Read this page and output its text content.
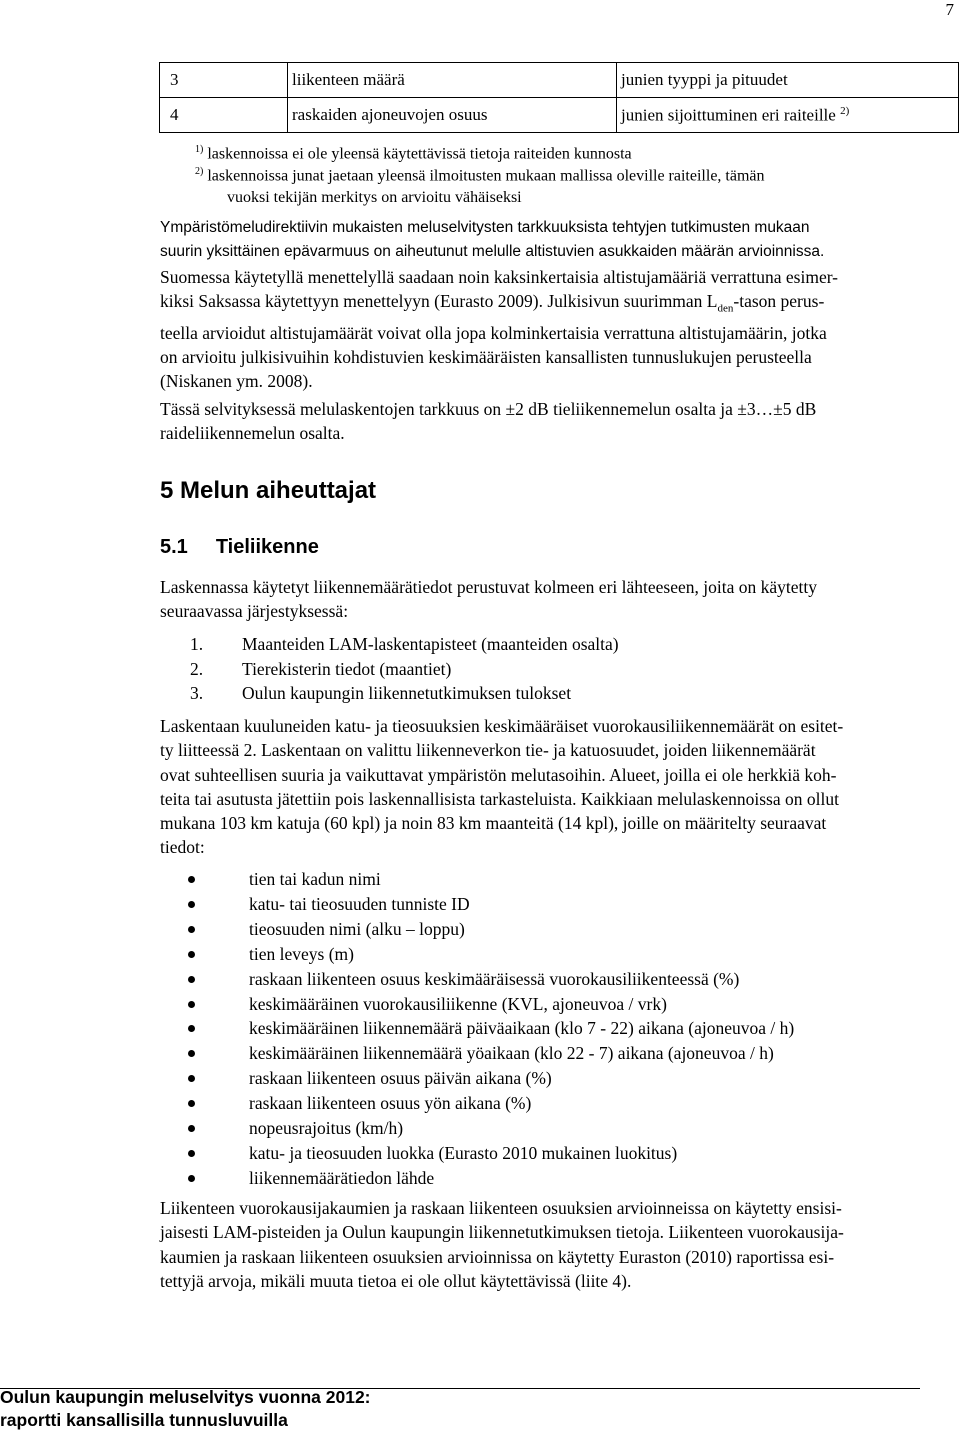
7
3	liikenteen määrä	junien tyyppi ja pituudet
4	raskaiden ajoneuvojen osuus	junien sijoittuminen eri raiteille $^{2)}$
$^{1)}$ laskennoissa ei ole yleensä käytettävissä tietoja raiteiden kunnosta
$^{2)}$ laskennoissa junat jaetaan yleensä ilmoitusten mukaan mallissa oleville raiteille, tämän
vuoksi tekijän merkitys on arvioitu vähäiseksi
Ympäristömeludirektiivin mukaisten meluselvitysten tarkkuuksista tehtyjen tutkimusten mukaan
suurin yksittäinen epävarmuus on aiheutunut melulle altistuvien asukkaiden määrän arvioinnissa.
Suomessa käytetyllä menettelyllä saadaan noin kaksinkertaisia altistujamääriä verrattuna esimer-
kiksi Saksassa käytettyyn menettelyyn (Eurasto 2009). Julkisivun suurimman $L_{den}$-tason perus-
teella arvioidut altistujamäärät voivat olla jopa kolminkertaisia verrattuna altistujamäärin, jotka
on arvioitu julkisivuihin kohdistuvien keskimääräisten kansallisten tunnuslukujen perusteella
(Niskanen ym. 2008).
Tässä selvityksessä melulaskentojen tarkkuus on ±2 dB tieliikennemelun osalta ja ±3…±5 dB
raideliikennemelun osalta.
5 Melun aiheuttajat
5.1 Tieliikenne
Laskennassa käytetyt liikennemäärätiedot perustuvat kolmeen eri lähteeseen, joita on käytetty
seuraavassa järjestyksessä:
1. Maanteiden LAM-laskentapisteet (maanteiden osalta)
2. Tierekisterin tiedot (maantiet)
3. Oulun kaupungin liikennetutkimuksen tulokset
Laskentaan kuuluneiden katu- ja tieosuuksien keskimääräiset vuorokausiliikennemäärät on esitet-
ty liitteessä 2. Laskentaan on valittu liikenneverkon tie- ja katuosuudet, joiden liikennemäärät
ovat suhteellisen suuria ja vaikuttavat ympäristön melutasoihin. Alueet, joilla ei ole herkkiä koh-
teita tai asutusta jätettiin pois laskennallisista tarkasteluista. Kaikkiaan melulaskennoissa on ollut
mukana 103 km katuja (60 kpl) ja noin 83 km maanteitä (14 kpl), joille on määritelty seuraavat
tiedot:
tien tai kadun nimi
katu- tai tieosuuden tunniste ID
tieosuuden nimi (alku – loppu)
tien leveys (m)
raskaan liikenteen osuus keskimääräisessä vuorokausiliikenteessä (%)
keskimääräinen vuorokausiliikenne (KVL, ajoneuvoa / vrk)
keskimääräinen liikennemäärä päiväaikaan (klo 7 - 22) aikana (ajoneuvoa / h)
keskimääräinen liikennemäärä yöaikaan (klo 22 - 7) aikana (ajoneuvoa / h)
raskaan liikenteen osuus päivän aikana (%)
raskaan liikenteen osuus yön aikana (%)
nopeusrajoitus (km/h)
katu- ja tieosuuden luokka (Eurasto 2010 mukainen luokitus)
liikennemäärätiedon lähde
Liikenteen vuorokausijakaumien ja raskaan liikenteen osuuksien arvioinneissa on käytetty ensisi-
jaisesti LAM-pisteiden ja Oulun kaupungin liikennetutkimuksen tietoja. Liikenteen vuorokausija-
kaumien ja raskaan liikenteen osuuksien arvioinnissa on käytetty Euraston (2010) raportissa esi-
tettyjä arvoja, mikäli muuta tietoa ei ole ollut käytettävissä (liite 4).
Oulun kaupungin meluselvitys vuonna 2012:
raportti kansallisilla tunnusluvuilla
